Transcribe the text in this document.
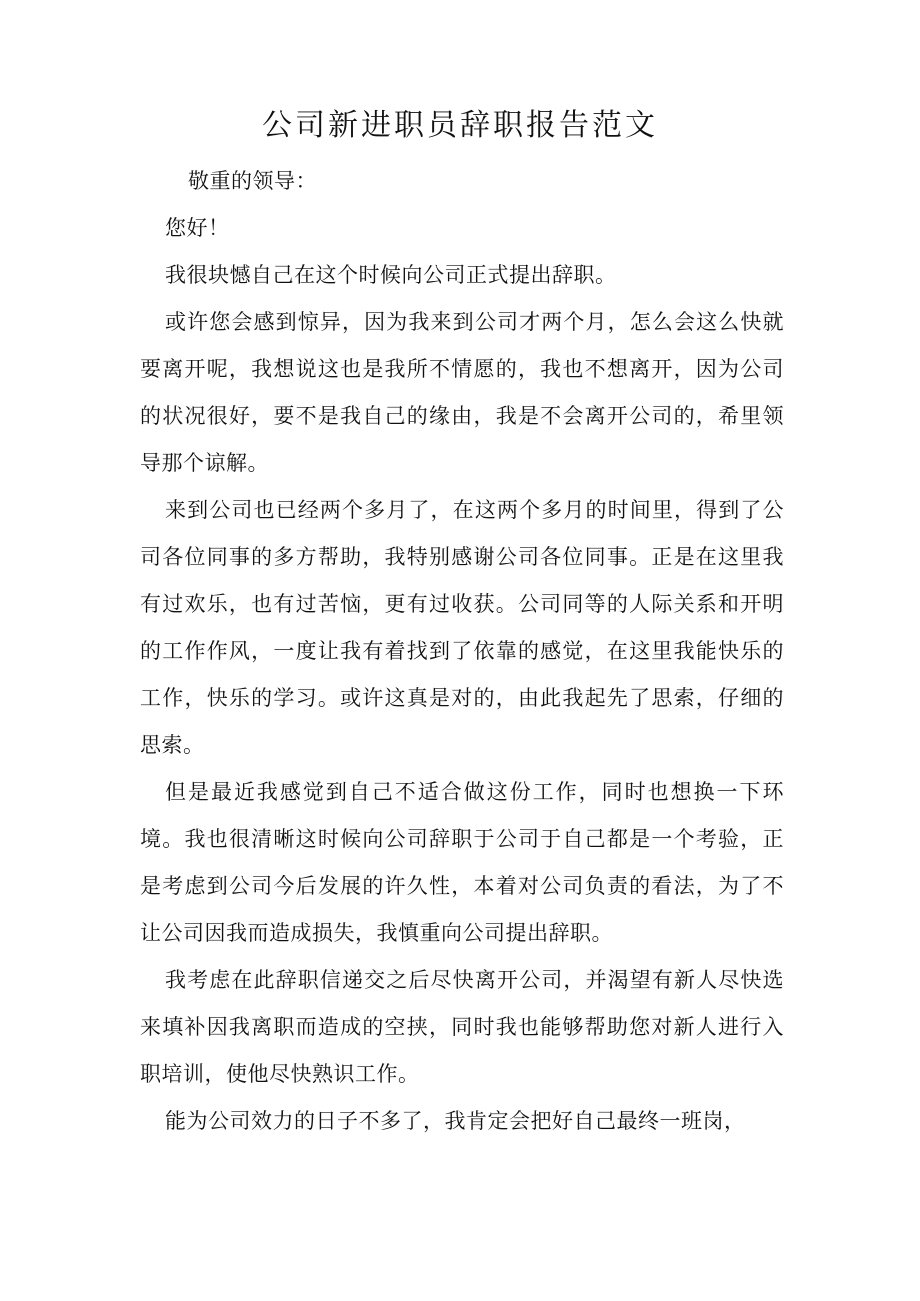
公司新进职员辞职报告范文

敬重的领导：

您好！

我很块憾自己在这个时候向公司正式提出辞职。

或许您会感到惊异，因为我来到公司才两个月，怎么会这么快就要离开呢，我想说这也是我所不情愿的，我也不想离开，因为公司的状况很好，要不是我自己的缘由，我是不会离开公司的，希里领导那个谅解。

来到公司也已经两个多月了，在这两个多月的时间里，得到了公司各位同事的多方帮助，我特别感谢公司各位同事。正是在这里我有过欢乐，也有过苦恼，更有过收获。公司同等的人际关系和开明的工作作风，一度让我有着找到了依靠的感觉，在这里我能快乐的工作，快乐的学习。或许这真是对的，由此我起先了思索，仔细的思索。

但是最近我感觉到自己不适合做这份工作，同时也想换一下环境。我也很清晰这时候向公司辞职于公司于自己都是一个考验，正是考虑到公司今后发展的许久性，本着对公司负责的看法，为了不让公司因我而造成损失，我慎重向公司提出辞职。

我考虑在此辞职信递交之后尽快离开公司，并渴望有新人尽快选来填补因我离职而造成的空挟，同时我也能够帮助您对新人进行入职培训，使他尽快熟识工作。

能为公司效力的日子不多了，我肯定会把好自己最终一班岗，
